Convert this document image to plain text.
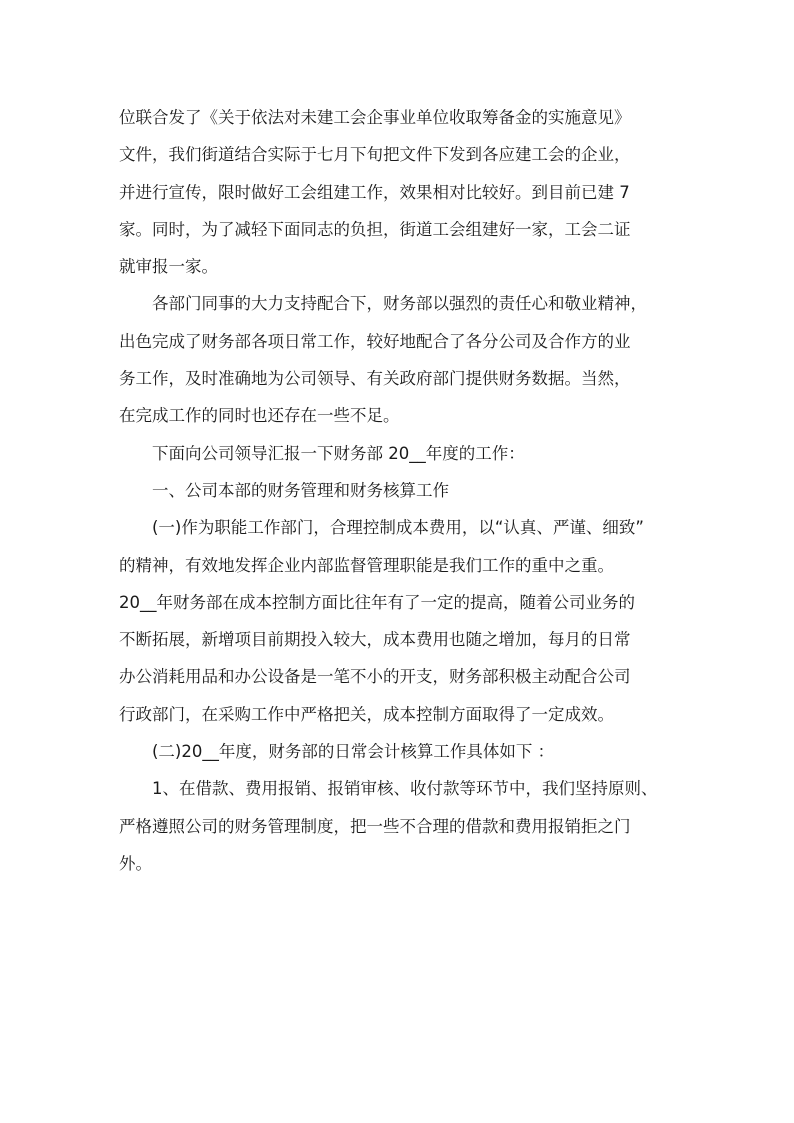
位联合发了《关于依法对未建工会企事业单位收取筹备金的实施意见》
文件，我们街道结合实际于七月下旬把文件下发到各应建工会的企业，
并进行宣传，限时做好工会组建工作，效果相对比较好。到目前已建 7
家。同时，为了减轻下面同志的负担，街道工会组建好一家，工会二证
就审报一家。
　　各部门同事的大力支持配合下，财务部以强烈的责任心和敬业精神，
出色完成了财务部各项日常工作，较好地配合了各分公司及合作方的业
务工作，及时准确地为公司领导、有关政府部门提供财务数据。当然，
在完成工作的同时也还存在一些不足。
　　下面向公司领导汇报一下财务部 20__年度的工作：
　　一、公司本部的财务管理和财务核算工作
　　(一)作为职能工作部门，合理控制成本费用，以“认真、严谨、细致”
的精神，有效地发挥企业内部监督管理职能是我们工作的重中之重。
20__年财务部在成本控制方面比往年有了一定的提高，随着公司业务的
不断拓展，新增项目前期投入较大，成本费用也随之增加，每月的日常
办公消耗用品和办公设备是一笔不小的开支，财务部积极主动配合公司
行政部门，在采购工作中严格把关，成本控制方面取得了一定成效。
　　(二)20__年度，财务部的日常会计核算工作具体如下 ：
　　1、在借款、费用报销、报销审核、收付款等环节中，我们坚持原则、
严格遵照公司的财务管理制度，把一些不合理的借款和费用报销拒之门
外。
